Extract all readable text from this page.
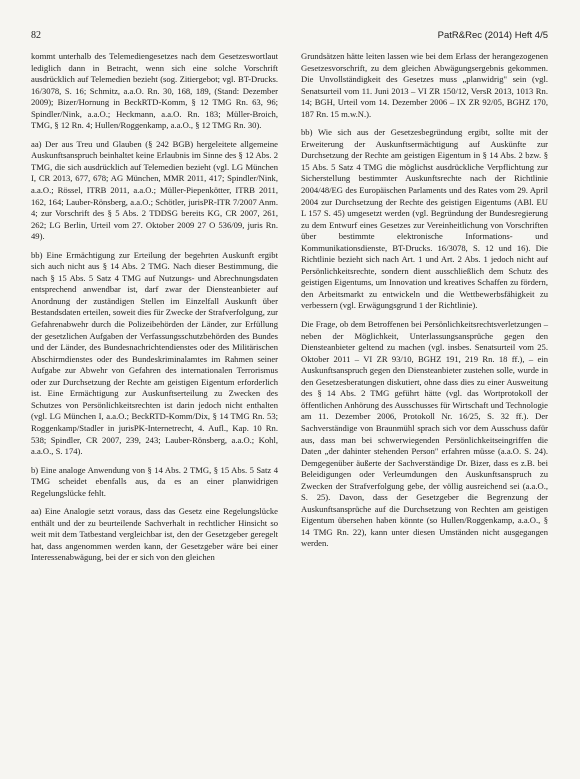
82	PatR&Rec (2014) Heft 4/5

kommt unterhalb des Telemediengesetzes nach dem Gesetzeswortlaut lediglich dann in Betracht, wenn sich eine solche Vorschrift ausdrücklich auf Telemedien bezieht (sog. Zitiergebot; vgl. BT-Drucks. 16/3078, S. 16; Schmitz, a.a.O. Rn. 30, 168, 189, (Stand: Dezember 2009); Bizer/Hornung in BeckRTD-Komm, § 12 TMG Rn. 63, 96; Spindler/Nink, a.a.O.; Heckmann, a.a.O. Rn. 183; Müller-Broich, TMG, § 12 Rn. 4; Hullen/Roggenkamp, a.a.O., § 12 TMG Rn. 30).

aa) Der aus Treu und Glauben (§ 242 BGB) hergeleitete allgemeine Auskunftsanspruch beinhaltet keine Erlaubnis im Sinne des § 12 Abs. 2 TMG, die sich ausdrücklich auf Telemedien bezieht (vgl. LG München I, CR 2013, 677, 678; AG München, MMR 2011, 417; Spindler/Nink, a.a.O.; Rössel, ITRB 2011, a.a.O.; Müller-Piepenkötter, ITRB 2011, 162, 164; Lauber-Rönsberg, a.a.O.; Schötler, jurisPR-ITR 7/2007 Anm. 4; zur Vorschrift des § 5 Abs. 2 TDDSG bereits KG, CR 2007, 261, 262; LG Berlin, Urteil vom 27. Oktober 2009 27 O 536/09, juris Rn. 49).

bb) Eine Ermächtigung zur Erteilung der begehrten Auskunft ergibt sich auch nicht aus § 14 Abs. 2 TMG. Nach dieser Bestimmung, die nach § 15 Abs. 5 Satz 4 TMG auf Nutzungs- und Abrechnungsdaten entsprechend anwendbar ist, darf zwar der Diensteanbieter auf Anordnung der zuständigen Stellen im Einzelfall Auskunft über Bestandsdaten erteilen, soweit dies für Zwecke der Strafverfolgung, zur Gefahrenabwehr durch die Polizeibehörden der Länder, zur Erfüllung der gesetzlichen Aufgaben der Verfassungsschutzbehörden des Bundes und der Länder, des Bundesnachrichtendienstes oder des Militärischen Abschirmdienstes oder des Bundeskriminalamtes im Rahmen seiner Aufgabe zur Abwehr von Gefahren des internationalen Terrorismus oder zur Durchsetzung der Rechte am geistigen Eigentum erforderlich ist. Eine Ermächtigung zur Auskunftserteilung zu Zwecken des Schutzes von Persönlichkeitsrechten ist darin jedoch nicht enthalten (vgl. LG München I, a.a.O.; BeckRTD-Komm/Dix, § 14 TMG Rn. 53; Roggenkamp/Stadler in jurisPK-Internetrecht, 4. Aufl., Kap. 10 Rn. 538; Spindler, CR 2007, 239, 243; Lauber-Rönsberg, a.a.O.; Kohl, a.a.O., S. 174).

b) Eine analoge Anwendung von § 14 Abs. 2 TMG, § 15 Abs. 5 Satz 4 TMG scheidet ebenfalls aus, da es an einer planwidrigen Regelungslücke fehlt.

aa) Eine Analogie setzt voraus, dass das Gesetz eine Regelungslücke enthält und der zu beurteilende Sachverhalt in rechtlicher Hinsicht so weit mit dem Tatbestand vergleichbar ist, den der Gesetzgeber geregelt hat, dass angenommen werden kann, der Gesetzgeber wäre bei einer Interessenabwägung, bei der er sich von den gleichen

Grundsätzen hätte leiten lassen wie bei dem Erlass der herangezogenen Gesetzesvorschrift, zu dem gleichen Abwägungsergebnis gekommen. Die Unvollständigkeit des Gesetzes muss „planwidrig" sein (vgl. Senatsurteil vom 11. Juni 2013 – VI ZR 150/12, VersR 2013, 1013 Rn. 14; BGH, Urteil vom 14. Dezember 2006 – IX ZR 92/05, BGHZ 170, 187 Rn. 15 m.w.N.).

bb) Wie sich aus der Gesetzesbegründung ergibt, sollte mit der Erweiterung der Auskunftsermächtigung auf Auskünfte zur Durchsetzung der Rechte am geistigen Eigentum in § 14 Abs. 2 bzw. § 15 Abs. 5 Satz 4 TMG die möglichst ausdrückliche Verpflichtung zur Sicherstellung bestimmter Auskunftsrechte nach der Richtlinie 2004/48/EG des Europäischen Parlaments und des Rates vom 29. April 2004 zur Durchsetzung der Rechte des geistigen Eigentums (ABl. EU L 157 S. 45) umgesetzt werden (vgl. Begründung der Bundesregierung zu dem Entwurf eines Gesetzes zur Vereinheitlichung von Vorschriften über bestimmte elektronische Informations- und Kommunikationsdienste, BT-Drucks. 16/3078, S. 12 und 16). Die Richtlinie bezieht sich nach Art. 1 und Art. 2 Abs. 1 jedoch nicht auf Persönlichkeitsrechte, sondern dient ausschließlich dem Schutz des geistigen Eigentums, um Innovation und kreatives Schaffen zu fördern, den Arbeitsmarkt zu entwickeln und die Wettbewerbsfähigkeit zu verbessern (vgl. Erwägungsgrund 1 der Richtlinie).

Die Frage, ob dem Betroffenen bei Persönlichkeitsrechtsverletzungen – neben der Möglichkeit, Unterlassungsansprüche gegen den Diensteanbieter geltend zu machen (vgl. insbes. Senatsurteil vom 25. Oktober 2011 – VI ZR 93/10, BGHZ 191, 219 Rn. 18 ff.), – ein Auskunftsanspruch gegen den Diensteanbieter zustehen solle, wurde in den Gesetzesberatungen diskutiert, ohne dass dies zu einer Ausweitung des § 14 Abs. 2 TMG geführt hätte (vgl. das Wortprotokoll der öffentlichen Anhörung des Ausschusses für Wirtschaft und Technologie am 11. Dezember 2006, Protokoll Nr. 16/25, S. 32 ff.). Der Sachverständige von Braunmühl sprach sich vor dem Ausschuss dafür aus, dass man bei schwerwiegenden Persönlichkeitseingriffen die Daten „der dahinter stehenden Person" erfahren müsse (a.a.O. S. 24). Demgegenüber äußerte der Sachverständige Dr. Bizer, dass es z.B. bei Beleidigungen oder Verleumdungen den Auskunftsanspruch zu Zwecken der Strafverfolgung gebe, der völlig ausreichend sei (a.a.O., S. 25). Davon, dass der Gesetzgeber die Begrenzung der Auskunftsansprüche auf die Durchsetzung von Rechten am geistigen Eigentum übersehen haben könnte (so Hullen/Roggenkamp, a.a.O., § 14 TMG Rn. 22), kann unter diesen Umständen nicht ausgegangen werden.
